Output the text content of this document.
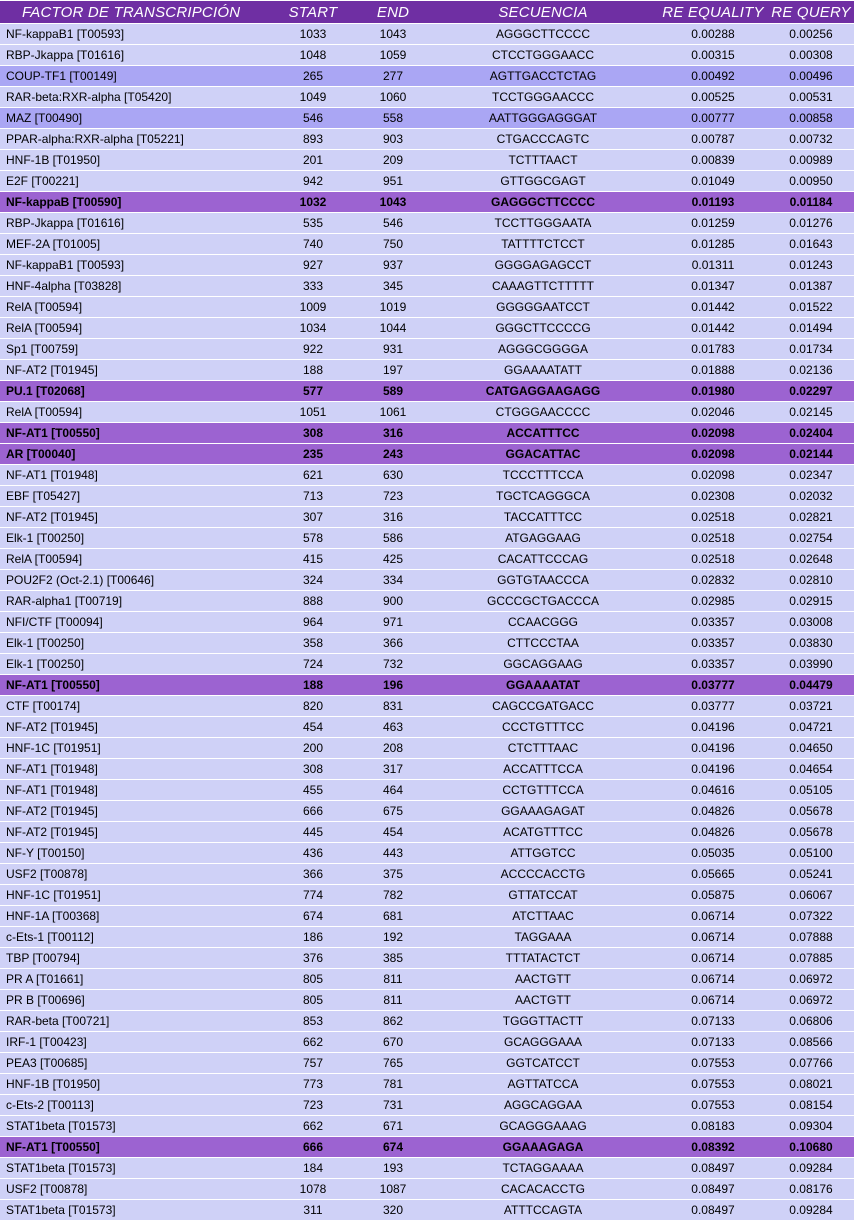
FACTOR DE TRANSCRIPCIÓN	START	END	SECUENCIA	RE EQUALITY	RE QUERY
NF-kappaB1 [T00593]	1033	1043	AGGGCTTCCCC	0.00288	0.00256
RBP-Jkappa [T01616]	1048	1059	CTCCTGGGAACC	0.00315	0.00308
COUP-TF1 [T00149]	265	277	AGTTGACCTCTAG	0.00492	0.00496
RAR-beta:RXR-alpha [T05420]	1049	1060	TCCTGGGAACCC	0.00525	0.00531
MAZ [T00490]	546	558	AATTGGGAGGGAT	0.00777	0.00858
PPAR-alpha:RXR-alpha [T05221]	893	903	CTGACCCAGTC	0.00787	0.00732
HNF-1B [T01950]	201	209	TCTTTAACT	0.00839	0.00989
E2F [T00221]	942	951	GTTGGCGAGT	0.01049	0.00950
NF-kappaB [T00590]	1032	1043	GAGGGCTTCCCC	0.01193	0.01184
RBP-Jkappa [T01616]	535	546	TCCTTGGGAATA	0.01259	0.01276
MEF-2A [T01005]	740	750	TATTTTCTCCT	0.01285	0.01643
NF-kappaB1 [T00593]	927	937	GGGGAGAGCCT	0.01311	0.01243
HNF-4alpha [T03828]	333	345	CAAAGTTCTTTTT	0.01347	0.01387
RelA [T00594]	1009	1019	GGGGGAATCCT	0.01442	0.01522
RelA [T00594]	1034	1044	GGGCTTCCCCG	0.01442	0.01494
Sp1 [T00759]	922	931	AGGGCGGGGA	0.01783	0.01734
NF-AT2 [T01945]	188	197	GGAAAATATT	0.01888	0.02136
PU.1 [T02068]	577	589	CATGAGGAAGAGG	0.01980	0.02297
RelA [T00594]	1051	1061	CTGGGAACCCC	0.02046	0.02145
NF-AT1 [T00550]	308	316	ACCATTTCC	0.02098	0.02404
AR [T00040]	235	243	GGACATTAC	0.02098	0.02144
NF-AT1 [T01948]	621	630	TCCCTTTCCA	0.02098	0.02347
EBF [T05427]	713	723	TGCTCAGGGCA	0.02308	0.02032
NF-AT2 [T01945]	307	316	TACCATTTCC	0.02518	0.02821
Elk-1 [T00250]	578	586	ATGAGGAAG	0.02518	0.02754
RelA [T00594]	415	425	CACATTCCCAG	0.02518	0.02648
POU2F2 (Oct-2.1) [T00646]	324	334	GGTGTAACCCA	0.02832	0.02810
RAR-alpha1 [T00719]	888	900	GCCCGCTGACCCA	0.02985	0.02915
NFI/CTF [T00094]	964	971	CCAACGGG	0.03357	0.03008
Elk-1 [T00250]	358	366	CTTCCCTAA	0.03357	0.03830
Elk-1 [T00250]	724	732	GGCAGGAAG	0.03357	0.03990
NF-AT1 [T00550]	188	196	GGAAAATAT	0.03777	0.04479
CTF [T00174]	820	831	CAGCCGATGACC	0.03777	0.03721
NF-AT2 [T01945]	454	463	CCCTGTTTCC	0.04196	0.04721
HNF-1C [T01951]	200	208	CTCTTTAAC	0.04196	0.04650
NF-AT1 [T01948]	308	317	ACCATTTCCA	0.04196	0.04654
NF-AT1 [T01948]	455	464	CCTGTTTCCA	0.04616	0.05105
NF-AT2 [T01945]	666	675	GGAAAGAGAT	0.04826	0.05678
NF-AT2 [T01945]	445	454	ACATGTTTCC	0.04826	0.05678
NF-Y [T00150]	436	443	ATTGGTCC	0.05035	0.05100
USF2 [T00878]	366	375	ACCCCACCTG	0.05665	0.05241
HNF-1C [T01951]	774	782	GTTATCCAT	0.05875	0.06067
HNF-1A [T00368]	674	681	ATCTTAAC	0.06714	0.07322
c-Ets-1 [T00112]	186	192	TAGGAAA	0.06714	0.07888
TBP [T00794]	376	385	TTTATACTCT	0.06714	0.07885
PR A [T01661]	805	811	AACTGTT	0.06714	0.06972
PR B [T00696]	805	811	AACTGTT	0.06714	0.06972
RAR-beta [T00721]	853	862	TGGGTTACTT	0.07133	0.06806
IRF-1 [T00423]	662	670	GCAGGGAAA	0.07133	0.08566
PEA3 [T00685]	757	765	GGTCATCCT	0.07553	0.07766
HNF-1B [T01950]	773	781	AGTTATCCA	0.07553	0.08021
c-Ets-2 [T00113]	723	731	AGGCAGGAA	0.07553	0.08154
STAT1beta [T01573]	662	671	GCAGGGAAAG	0.08183	0.09304
NF-AT1 [T00550]	666	674	GGAAAGAGA	0.08392	0.10680
STAT1beta [T01573]	184	193	TCTAGGAAAA	0.08497	0.09284
USF2 [T00878]	1078	1087	CACACACCTG	0.08497	0.08176
STAT1beta [T01573]	311	320	ATTTCCAGTA	0.08497	0.09284
